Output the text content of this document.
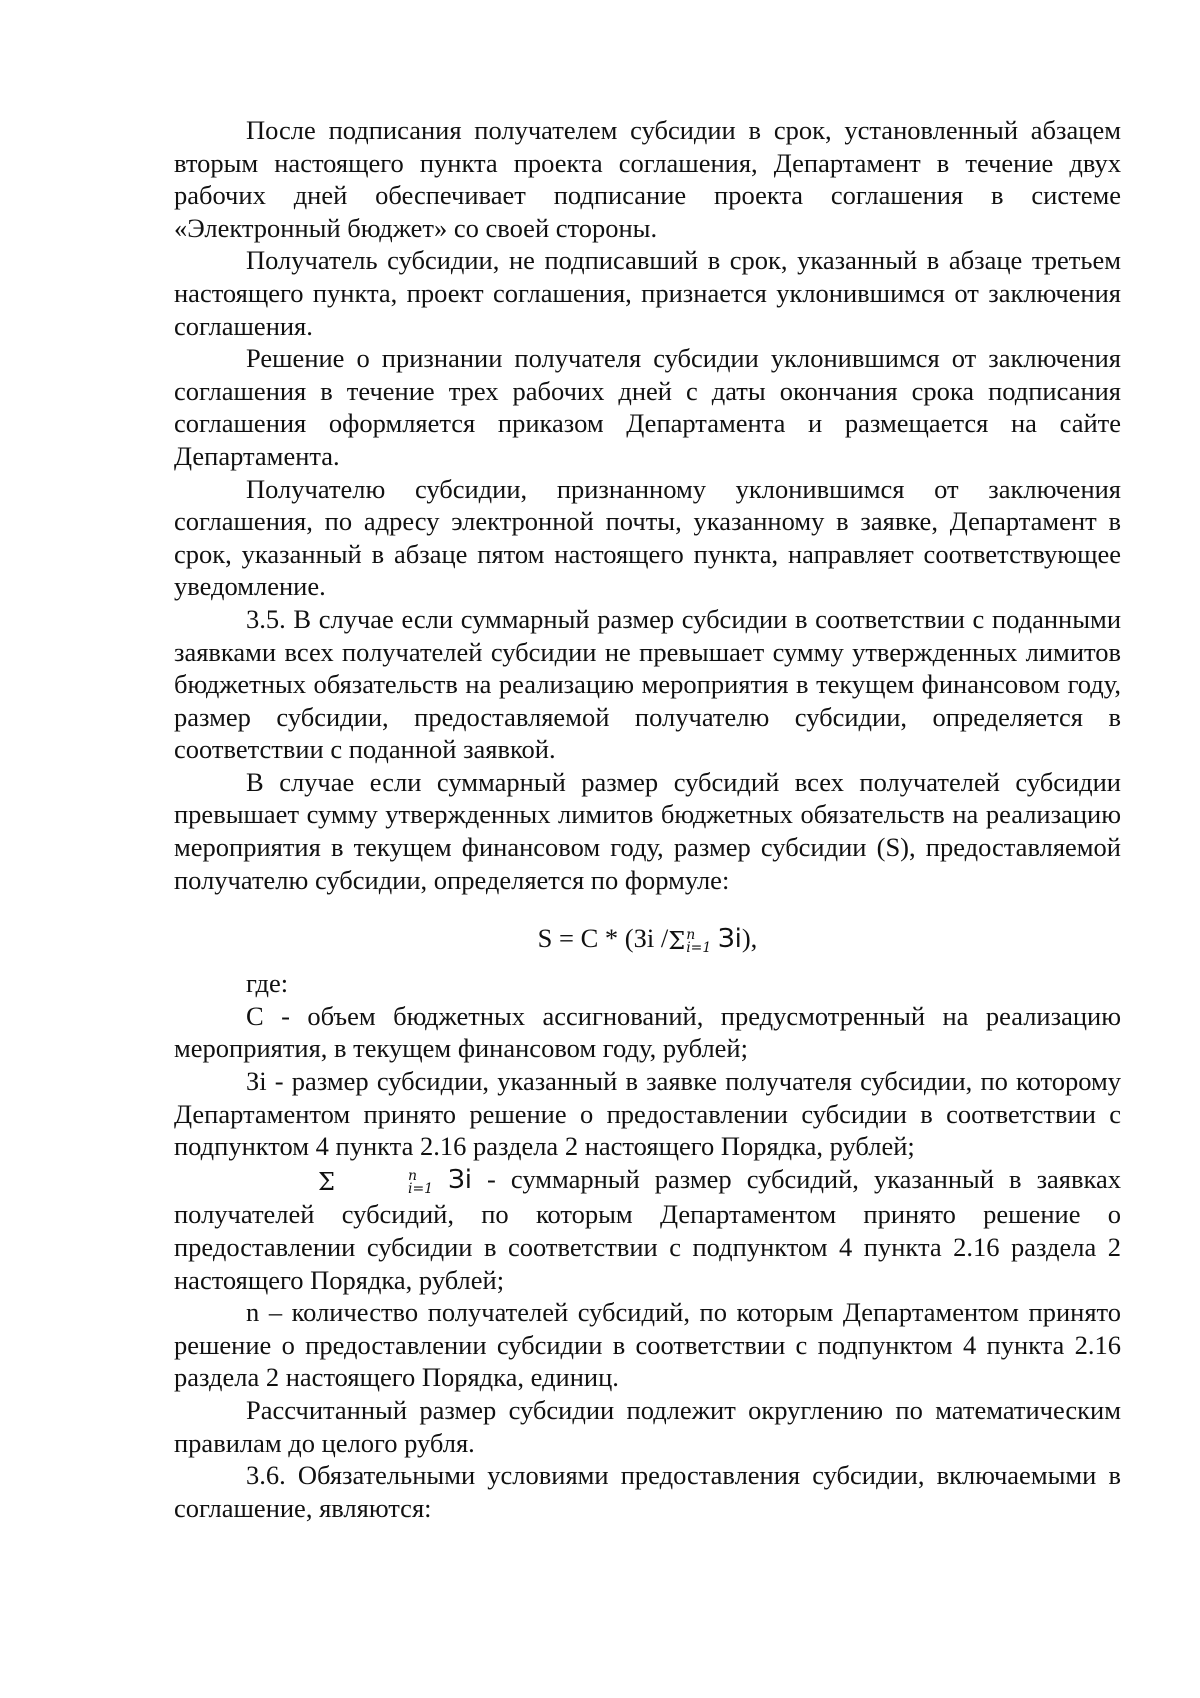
После подписания получателем субсидии в срок, установленный абзацем вторым настоящего пункта проекта соглашения, Департамент в течение двух рабочих дней обеспечивает подписание проекта соглашения в системе «Электронный бюджет» со своей стороны.

Получатель субсидии, не подписавший в срок, указанный в абзаце третьем настоящего пункта, проект соглашения, признается уклонившимся от заключения соглашения.

Решение о признании получателя субсидии уклонившимся от заключения соглашения в течение трех рабочих дней с даты окончания срока подписания соглашения оформляется приказом Департамента и размещается на сайте Департамента.

Получателю субсидии, признанному уклонившимся от заключения соглашения, по адресу электронной почты, указанному в заявке, Департамент в срок, указанный в абзаце пятом настоящего пункта, направляет соответствующее уведомление.

3.5. В случае если суммарный размер субсидии в соответствии с поданными заявками всех получателей субсидии не превышает сумму утвержденных лимитов бюджетных обязательств на реализацию мероприятия в текущем финансовом году, размер субсидии, предоставляемой получателю субсидии, определяется в соответствии с поданной заявкой.

В случае если суммарный размер субсидий всех получателей субсидии превышает сумму утвержденных лимитов бюджетных обязательств на реализацию мероприятия в текущем финансовом году, размер субсидии (S), предоставляемой получателю субсидии, определяется по формуле:

S = C * (Зi /Σ n
i=1 Зi),

где:

C - объем бюджетных ассигнований, предусмотренный на реализацию мероприятия, в текущем финансовом году, рублей;

Зi - размер субсидии, указанный в заявке получателя субсидии, по которому Департаментом принято решение о предоставлении субсидии в соответствии с подпунктом 4 пункта 2.16 раздела 2 настоящего Порядка, рублей;

Σ	n
i=1 Зi - суммарный размер субсидий, указанный в заявках получателей субсидий, по которым Департаментом принято решение о предоставлении субсидии в соответствии с подпунктом 4 пункта 2.16 раздела 2 настоящего Порядка, рублей;

n – количество получателей субсидий, по которым Департаментом принято решение о предоставлении субсидии в соответствии с подпунктом 4 пункта 2.16 раздела 2 настоящего Порядка, единиц.

Рассчитанный размер субсидии подлежит округлению по математическим правилам до целого рубля.

3.6. Обязательными условиями предоставления субсидии, включаемыми в соглашение, являются:
